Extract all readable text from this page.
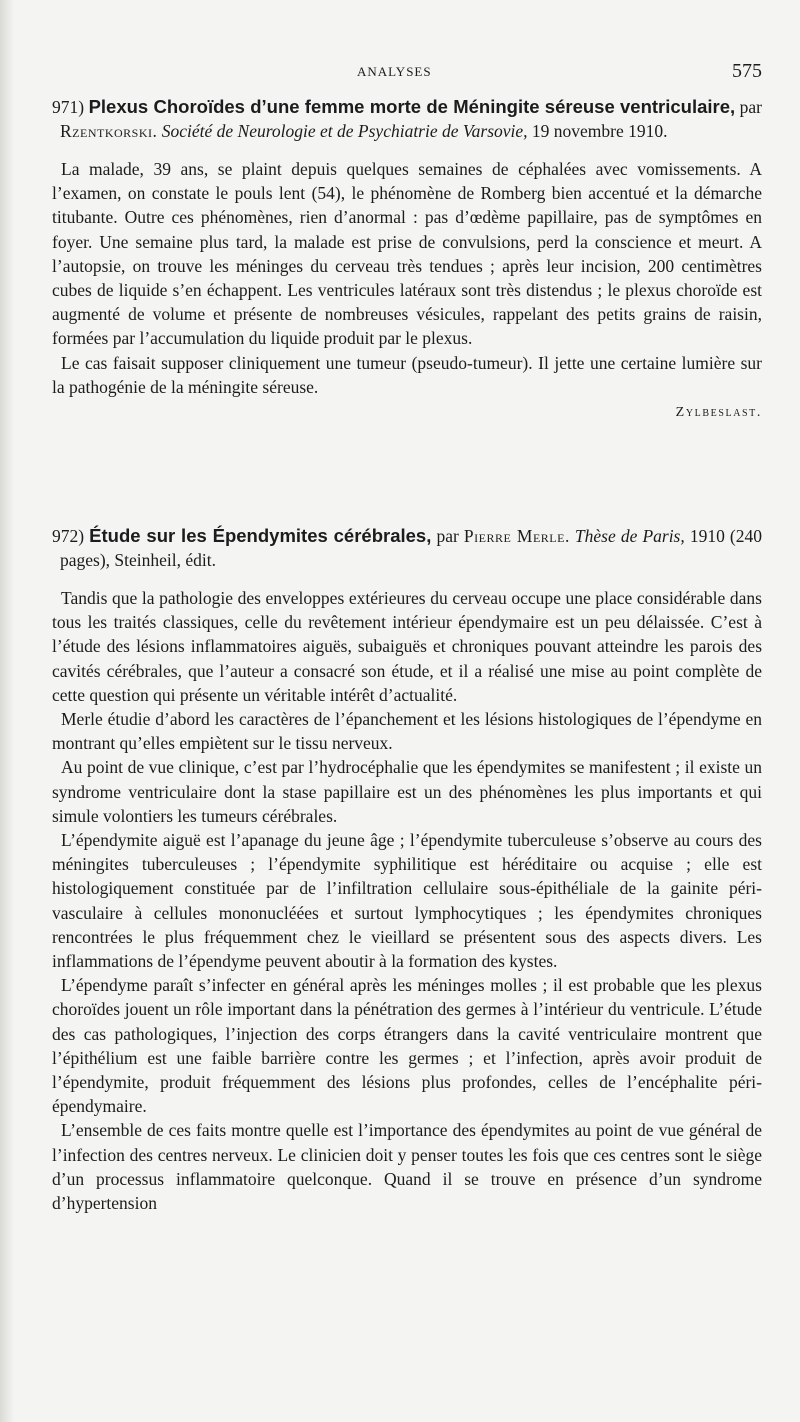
ANALYSES	575

971) Plexus Choroïdes d’une femme morte de Méningite séreuse ventriculaire, par Rzentkorski. Société de Neurologie et de Psychiatrie de Varsovie, 19 novembre 1910.

La malade, 39 ans, se plaint depuis quelques semaines de céphalées avec vomissements. A l’examen, on constate le pouls lent (54), le phénomène de Romberg bien accentué et la démarche titubante. Outre ces phénomènes, rien d’anormal : pas d’œdème papillaire, pas de symptômes en foyer. Une semaine plus tard, la malade est prise de convulsions, perd la conscience et meurt. A l’autopsie, on trouve les méninges du cerveau très tendues ; après leur incision, 200 centimètres cubes de liquide s’en échappent. Les ventricules latéraux sont très distendus ; le plexus choroïde est augmenté de volume et présente de nombreuses vésicules, rappelant des petits grains de raisin, formées par l’accumulation du liquide produit par le plexus.

Le cas faisait supposer cliniquement une tumeur (pseudo-tumeur). Il jette une certaine lumière sur la pathogénie de la méningite séreuse.

Zylbeslast.

972) Étude sur les Épendymites cérébrales, par Pierre Merle. Thèse de Paris, 1910 (240 pages), Steinheil, édit.

Tandis que la pathologie des enveloppes extérieures du cerveau occupe une place considérable dans tous les traités classiques, celle du revêtement intérieur épendymaire est un peu délaissée. C’est à l’étude des lésions inflammatoires aiguës, subaiguës et chroniques pouvant atteindre les parois des cavités cérébrales, que l’auteur a consacré son étude, et il a réalisé une mise au point complète de cette question qui présente un véritable intérêt d’actualité.

Merle étudie d’abord les caractères de l’épanchement et les lésions histologiques de l’épendyme en montrant qu’elles empiètent sur le tissu nerveux.

Au point de vue clinique, c’est par l’hydrocéphalie que les épendymites se manifestent ; il existe un syndrome ventriculaire dont la stase papillaire est un des phénomènes les plus importants et qui simule volontiers les tumeurs cérébrales.

L’épendymite aiguë est l’apanage du jeune âge ; l’épendymite tuberculeuse s’observe au cours des méningites tuberculeuses ; l’épendymite syphilitique est héréditaire ou acquise ; elle est histologiquement constituée par de l’infiltration cellulaire sous-épithéliale de la gainite péri-vasculaire à cellules mononucléées et surtout lymphocytiques ; les épendymites chroniques rencontrées le plus fréquemment chez le vieillard se présentent sous des aspects divers. Les inflammations de l’épendyme peuvent aboutir à la formation des kystes.

L’épendyme paraît s’infecter en général après les méninges molles ; il est probable que les plexus choroïdes jouent un rôle important dans la pénétration des germes à l’intérieur du ventricule. L’étude des cas pathologiques, l’injection des corps étrangers dans la cavité ventriculaire montrent que l’épithélium est une faible barrière contre les germes ; et l’infection, après avoir produit de l’épendymite, produit fréquemment des lésions plus profondes, celles de l’encéphalite péri-épendymaire.

L’ensemble de ces faits montre quelle est l’importance des épendymites au point de vue général de l’infection des centres nerveux. Le clinicien doit y penser toutes les fois que ces centres sont le siège d’un processus inflammatoire quelconque. Quand il se trouve en présence d’un syndrome d’hypertension
